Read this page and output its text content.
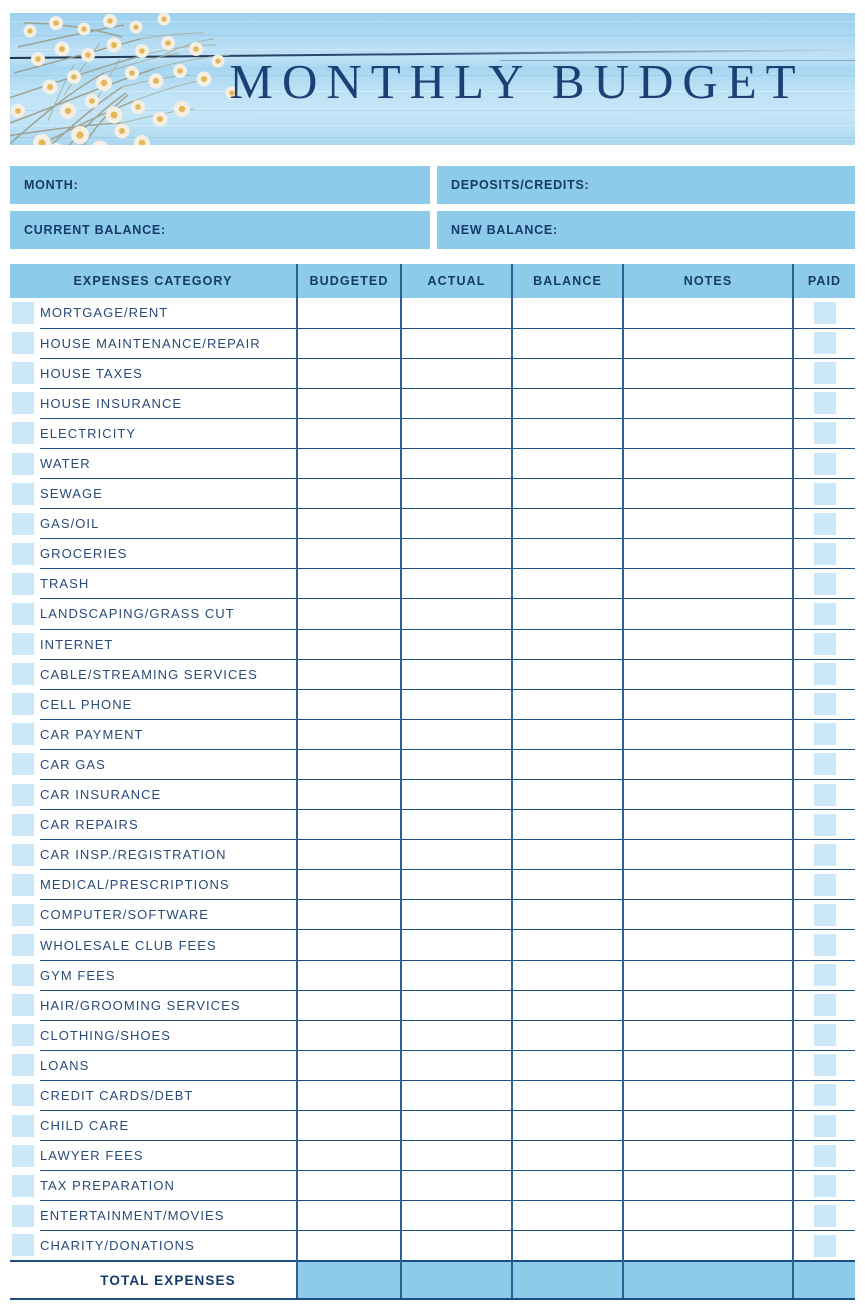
MONTHLY BUDGET
MONTH:	DEPOSITS/CREDITS:
CURRENT BALANCE:	NEW BALANCE:
EXPENSES CATEGORY		BUDGETED	ACTUAL	BALANCE	NOTES	PAID

	MORTGAGE/RENT					

	HOUSE MAINTENANCE/REPAIR					

	HOUSE TAXES					

	HOUSE INSURANCE					

	ELECTRICITY					

	WATER					

	SEWAGE					

	GAS/OIL					

	GROCERIES					

	TRASH					

	LANDSCAPING/GRASS CUT					

	INTERNET					

	CABLE/STREAMING SERVICES					

	CELL PHONE					

	CAR PAYMENT					

	CAR GAS					

	CAR INSURANCE					

	CAR REPAIRS					

	CAR INSP./REGISTRATION					

	MEDICAL/PRESCRIPTIONS					

	COMPUTER/SOFTWARE					

	WHOLESALE CLUB FEES					

	GYM FEES					

	HAIR/GROOMING SERVICES					

	CLOTHING/SHOES					

	LOANS					

	CREDIT CARDS/DEBT					

	CHILD CARE					

	LAWYER FEES					

	TAX PREPARATION					

	ENTERTAINMENT/MOVIES					

	CHARITY/DONATIONS					

	TOTAL EXPENSES					
